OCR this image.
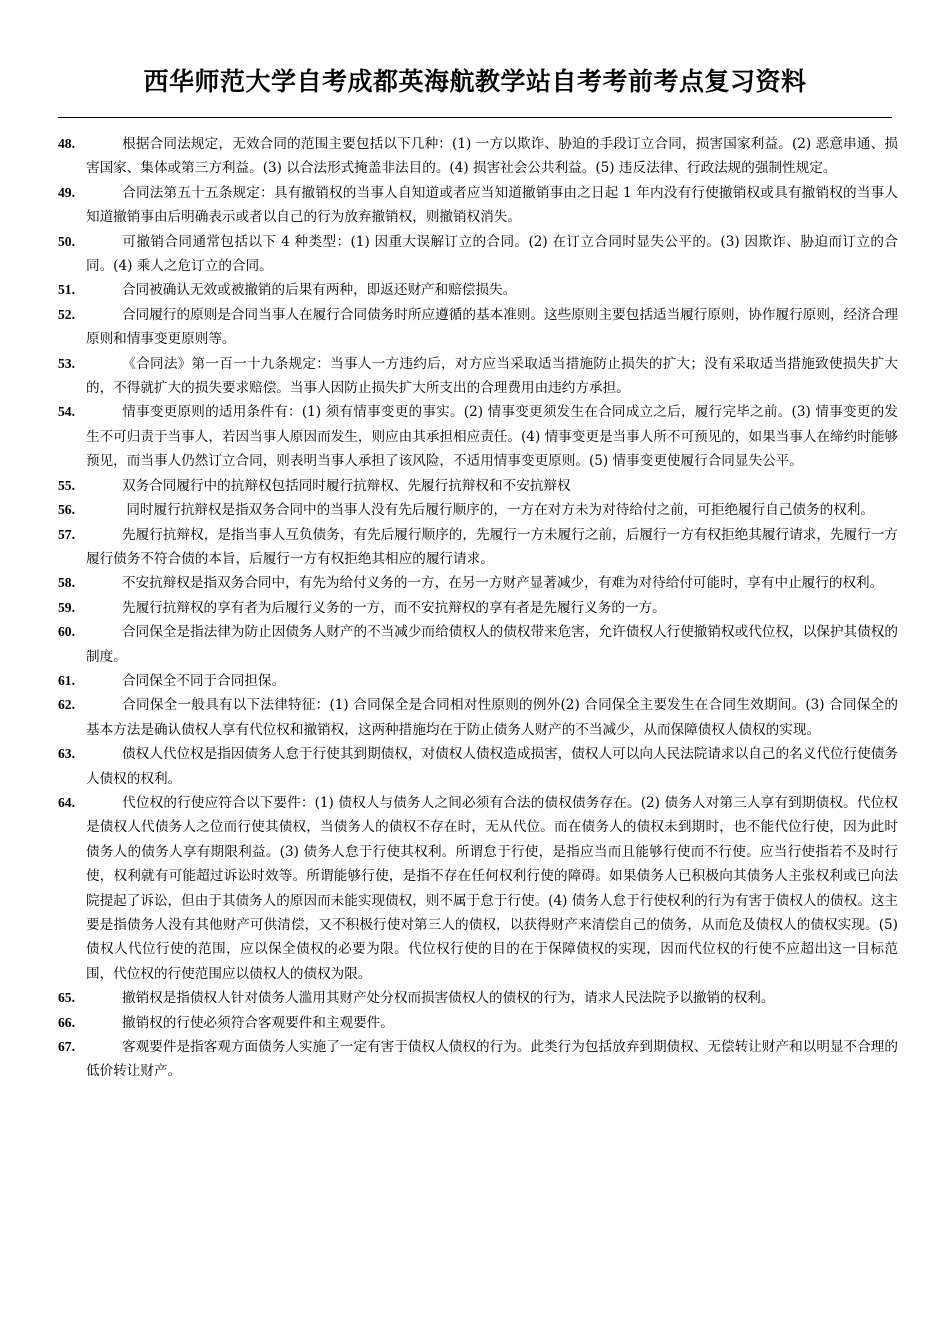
西华师范大学自考成都英海航教学站自考考前考点复习资料
48.	根据合同法规定，无效合同的范围主要包括以下几种：(1) 一方以欺诈、胁迫的手段订立合同，损害国家利益。(2) 恶意串通、损害国家、集体或第三方利益。(3) 以合法形式掩盖非法目的。(4) 损害社会公共利益。(5) 违反法律、行政法规的强制性规定。
49.	合同法第五十五条规定：具有撤销权的当事人自知道或者应当知道撤销事由之日起 1 年内没有行使撤销权或具有撤销权的当事人知道撤销事由后明确表示或者以自己的行为放弃撤销权，则撤销权消失。
50.	可撤销合同通常包括以下 4 种类型：(1) 因重大误解订立的合同。(2) 在订立合同时显失公平的。(3) 因欺诈、胁迫而订立的合同。(4) 乘人之危订立的合同。
51.	合同被确认无效或被撤销的后果有两种，即返还财产和赔偿损失。
52.	合同履行的原则是合同当事人在履行合同债务时所应遵循的基本准则。这些原则主要包括适当履行原则，协作履行原则，经济合理原则和情事变更原则等。
53.	《合同法》第一百一十九条规定：当事人一方违约后，对方应当采取适当措施防止损失的扩大；没有采取适当措施致使损失扩大的，不得就扩大的损失要求赔偿。当事人因防止损失扩大所支出的合理费用由违约方承担。
54.	情事变更原则的适用条件有：(1) 须有情事变更的事实。(2) 情事变更须发生在合同成立之后，履行完毕之前。(3) 情事变更的发生不可归责于当事人，若因当事人原因而发生，则应由其承担相应责任。(4) 情事变更是当事人所不可预见的，如果当事人在缔约时能够预见，而当事人仍然订立合同，则表明当事人承担了该风险，不适用情事变更原则。(5) 情事变更使履行合同显失公平。
55.	双务合同履行中的抗辩权包括同时履行抗辩权、先履行抗辩权和不安抗辩权
56.	同时履行抗辩权是指双务合同中的当事人没有先后履行顺序的，一方在对方未为对待给付之前，可拒绝履行自己债务的权利。
57.	先履行抗辩权，是指当事人互负债务，有先后履行顺序的，先履行一方未履行之前，后履行一方有权拒绝其履行请求，先履行一方履行债务不符合债的本旨，后履行一方有权拒绝其相应的履行请求。
58.	不安抗辩权是指双务合同中，有先为给付义务的一方，在另一方财产显著减少，有难为对待给付可能时，享有中止履行的权利。
59.	先履行抗辩权的享有者为后履行义务的一方，而不安抗辩权的享有者是先履行义务的一方。
60.	合同保全是指法律为防止因债务人财产的不当减少而给债权人的债权带来危害，允许债权人行使撤销权或代位权，以保护其债权的制度。
61.	合同保全不同于合同担保。
62.	合同保全一般具有以下法律特征：(1) 合同保全是合同相对性原则的例外(2) 合同保全主要发生在合同生效期间。(3) 合同保全的基本方法是确认债权人享有代位权和撤销权，这两种措施均在于防止债务人财产的不当减少，从而保障债权人债权的实现。
63.	债权人代位权是指因债务人怠于行使其到期债权，对债权人债权造成损害，债权人可以向人民法院请求以自己的名义代位行使债务人债权的权利。
64.	代位权的行使应符合以下要件：(1) 债权人与债务人之间必须有合法的债权债务存在。(2) 债务人对第三人享有到期债权。代位权是债权人代债务人之位而行使其债权，当债务人的债权不存在时，无从代位。而在债务人的债权未到期时，也不能代位行使，因为此时债务人的债务人享有期限利益。(3) 债务人怠于行使其权利。所谓怠于行使，是指应当而且能够行使而不行使。应当行使指若不及时行使，权利就有可能超过诉讼时效等。所谓能够行使，是指不存在任何权利行使的障碍。如果债务人已积极向其债务人主张权利或已向法院提起了诉讼，但由于其债务人的原因而未能实现债权，则不属于怠于行使。(4) 债务人怠于行使权利的行为有害于债权人的债权。这主要是指债务人没有其他财产可供清偿，又不积极行使对第三人的债权，以获得财产来清偿自己的债务，从而危及债权人的债权实现。(5) 债权人代位行使的范围，应以保全债权的必要为限。代位权行使的目的在于保障债权的实现，因而代位权的行使不应超出这一目标范围，代位权的行使范围应以债权人的债权为限。
65.	撤销权是指债权人针对债务人滥用其财产处分权而损害债权人的债权的行为，请求人民法院予以撤销的权利。
66.	撤销权的行使必须符合客观要件和主观要件。
67.	客观要件是指客观方面债务人实施了一定有害于债权人债权的行为。此类行为包括放弃到期债权、无偿转让财产和以明显不合理的低价转让财产。
